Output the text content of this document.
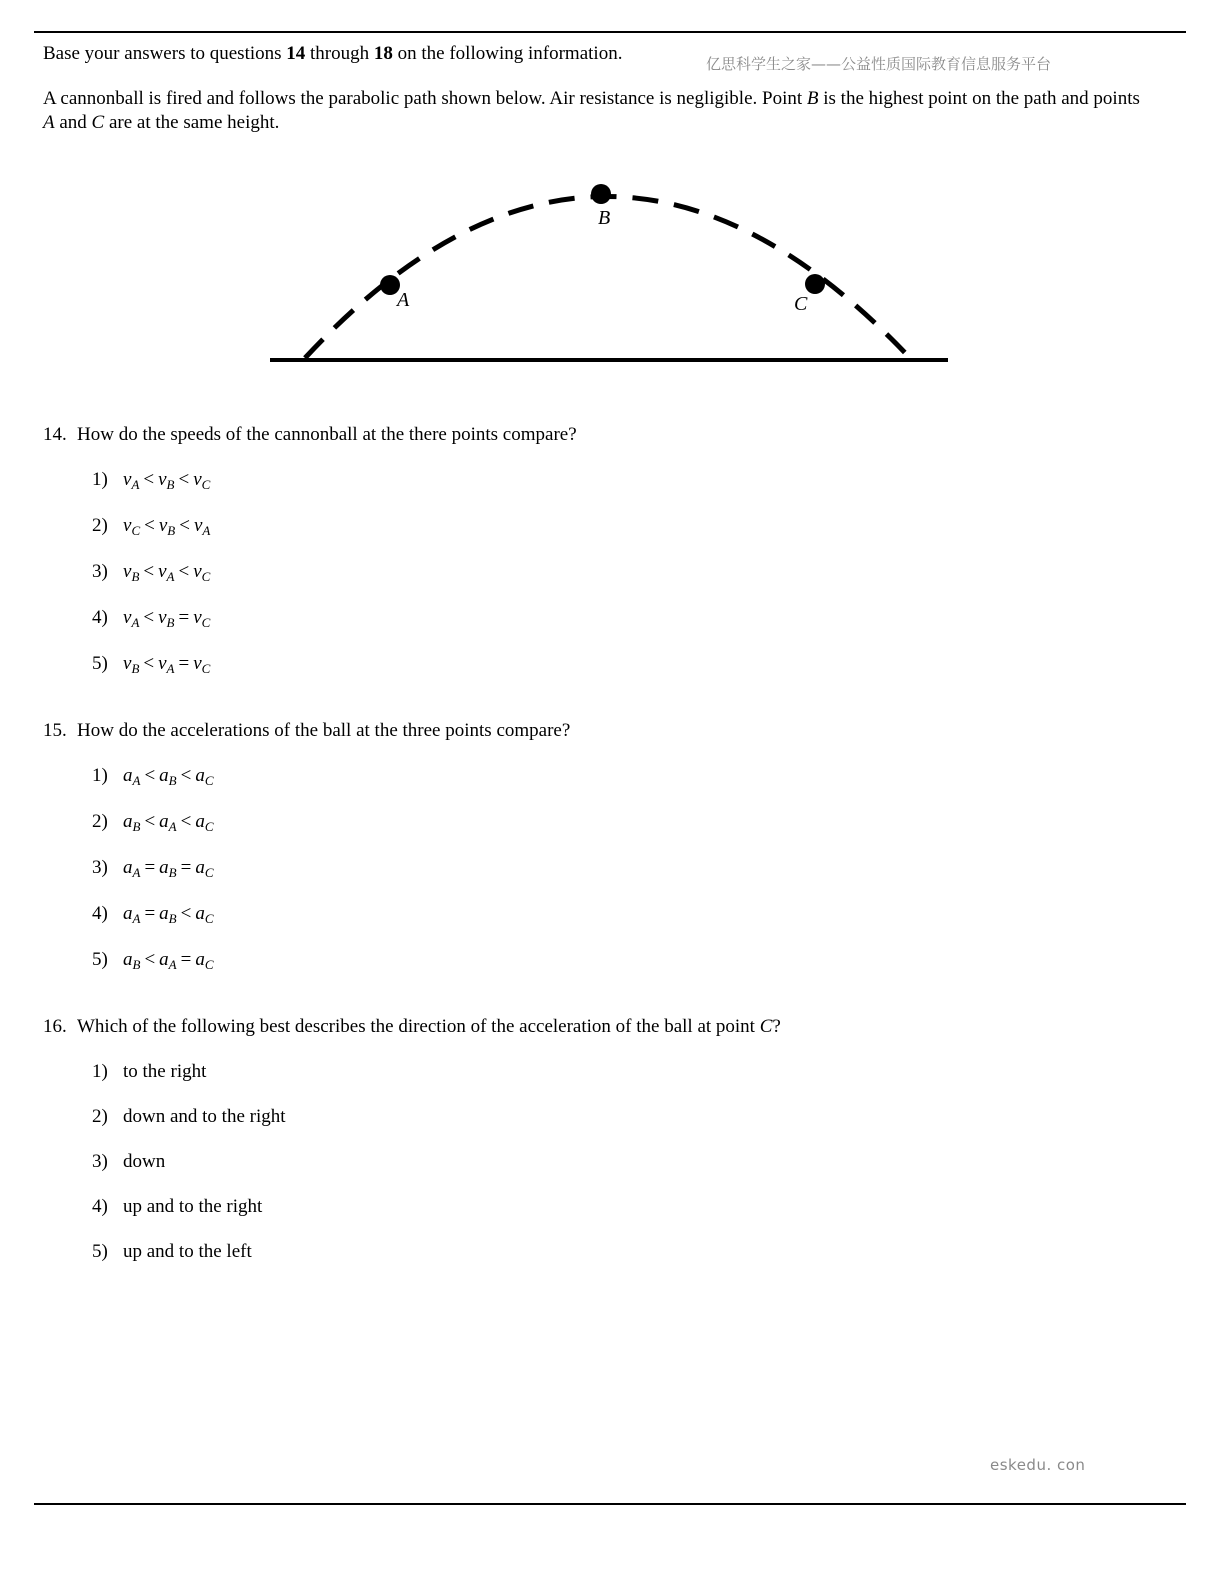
Base your answers to questions 14 through 18 on the following information.	亿思科学生之家——公益性质国际教育信息服务平台
A cannonball is fired and follows the parabolic path shown below. Air resistance is negligible. Point B is the highest point on the path and points A and C are at the same height.
A
B
C
14. How do the speeds of the cannonball at the there points compare?
1) $v_A < v_B < v_C$
2) $v_C < v_B < v_A$
3) $v_B < v_A < v_C$
4) $v_A < v_B = v_C$
5) $v_B < v_A = v_C$
15. How do the accelerations of the ball at the three points compare?
1) $a_A < a_B < a_C$
2) $a_B < a_A < a_C$
3) $a_A = a_B = a_C$
4) $a_A = a_B < a_C$
5) $a_B < a_A = a_C$
16. Which of the following best describes the direction of the acceleration of the ball at point C?
1) to the right
2) down and to the right
3) down
4) up and to the right
5) up and to the left
eskedu. con
